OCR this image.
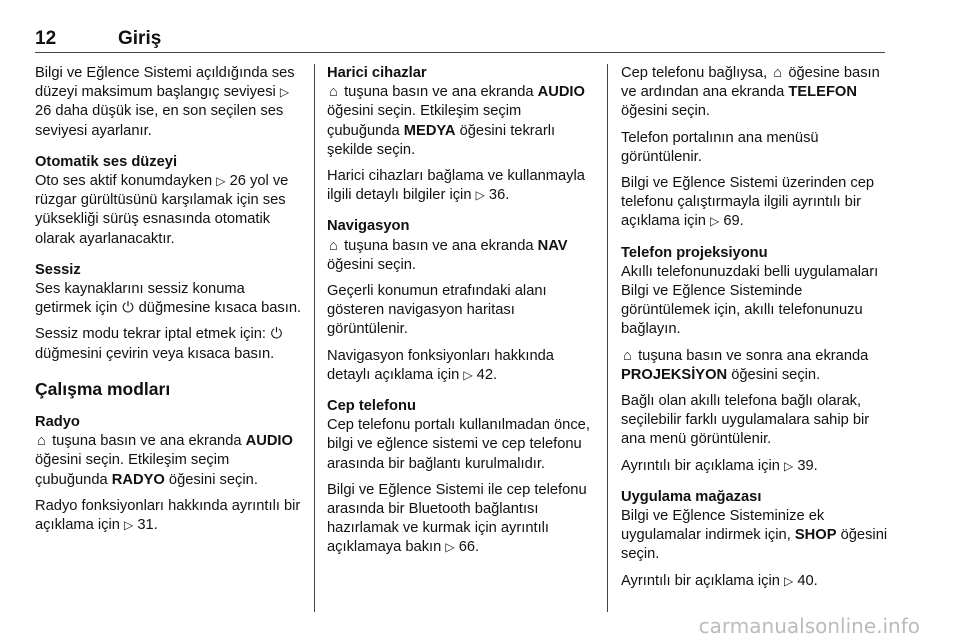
12	Giriş

Bilgi ve Eğlence Sistemi açıldığında ses düzeyi maksimum başlangıç seviyesi ▷ 26 daha düşük ise, en son seçilen ses seviyesi ayarlanır.

Otomatik ses düzeyi

Oto ses aktif konumdayken ▷ 26 yol ve rüzgar gürültüsünü karşılamak için ses yüksekliği sürüş esnasında otomatik olarak ayarlanacaktır.

Sessiz

Ses kaynaklarını sessiz konuma getirmek için ⏻ düğmesine kısaca basın.

Sessiz modu tekrar iptal etmek için: ⏻ düğmesini çevirin veya kısaca basın.

Çalışma modları

Radyo

⌂ tuşuna basın ve ana ekranda AUDIO öğesini seçin. Etkileşim seçim çubuğunda RADYO öğesini seçin.

Radyo fonksiyonları hakkında ayrıntılı bir açıklama için ▷ 31.

Harici cihazlar

⌂ tuşuna basın ve ana ekranda AUDIO öğesini seçin. Etkileşim seçim çubuğunda MEDYA öğesini tekrarlı şekilde seçin.

Harici cihazları bağlama ve kullanmayla ilgili detaylı bilgiler için ▷ 36.

Navigasyon

⌂ tuşuna basın ve ana ekranda NAV öğesini seçin.

Geçerli konumun etrafındaki alanı gösteren navigasyon haritası görüntülenir.

Navigasyon fonksiyonları hakkında detaylı açıklama için ▷ 42.

Cep telefonu

Cep telefonu portalı kullanılmadan önce, bilgi ve eğlence sistemi ve cep telefonu arasında bir bağlantı kurulmalıdır.

Bilgi ve Eğlence Sistemi ile cep telefonu arasında bir Bluetooth bağlantısı hazırlamak ve kurmak için ayrıntılı açıklamaya bakın ▷ 66.

Cep telefonu bağlıysa, ⌂ öğesine basın ve ardından ana ekranda TELEFON öğesini seçin.

Telefon portalının ana menüsü görüntülenir.

Bilgi ve Eğlence Sistemi üzerinden cep telefonu çalıştırmayla ilgili ayrıntılı bir açıklama için ▷ 69.

Telefon projeksiyonu

Akıllı telefonunuzdaki belli uygulamaları Bilgi ve Eğlence Sisteminde görüntülemek için, akıllı telefonunuzu bağlayın.

⌂ tuşuna basın ve sonra ana ekranda PROJEKSİYON öğesini seçin.

Bağlı olan akıllı telefona bağlı olarak, seçilebilir farklı uygulamalara sahip bir ana menü görüntülenir.

Ayrıntılı bir açıklama için ▷ 39.

Uygulama mağazası

Bilgi ve Eğlence Sisteminize ek uygulamalar indirmek için, SHOP öğesini seçin.

Ayrıntılı bir açıklama için ▷ 40.

carmanualsonline.info
